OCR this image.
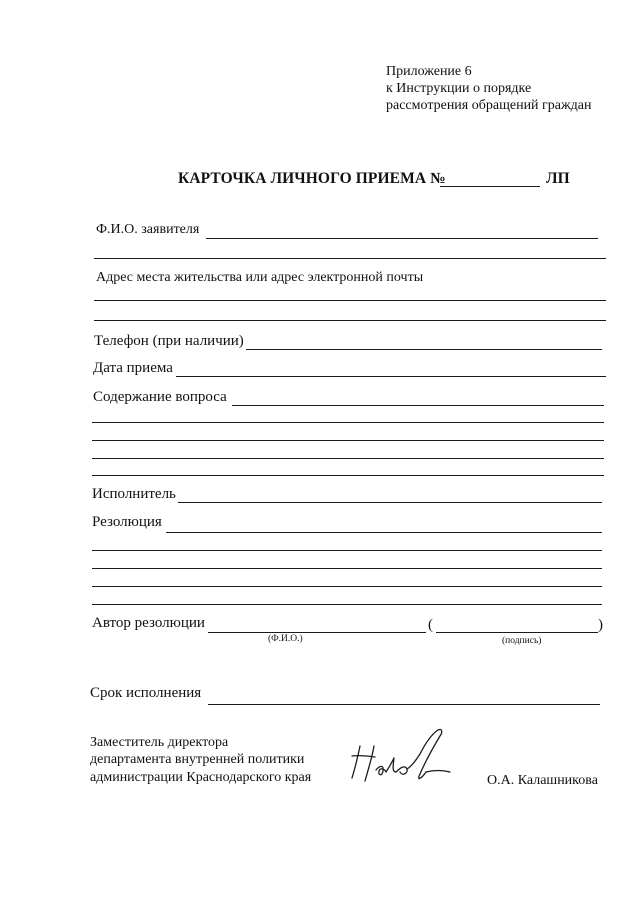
Приложение 6
к Инструкции о порядке
рассмотрения обращений граждан
КАРТОЧКА ЛИЧНОГО ПРИЕМА №	ЛП
Ф.И.О. заявителя
Адрес места жительства или адрес электронной почты
Телефон (при наличии)
Дата приема
Содержание вопроса
Исполнитель
Резолюция
Автор резолюции	(	)
(Ф.И.О.)	(подпись)
Срок исполнения
Заместитель директора
департамента внутренней политики
администрации Краснодарского края	О.А. Калашникова
